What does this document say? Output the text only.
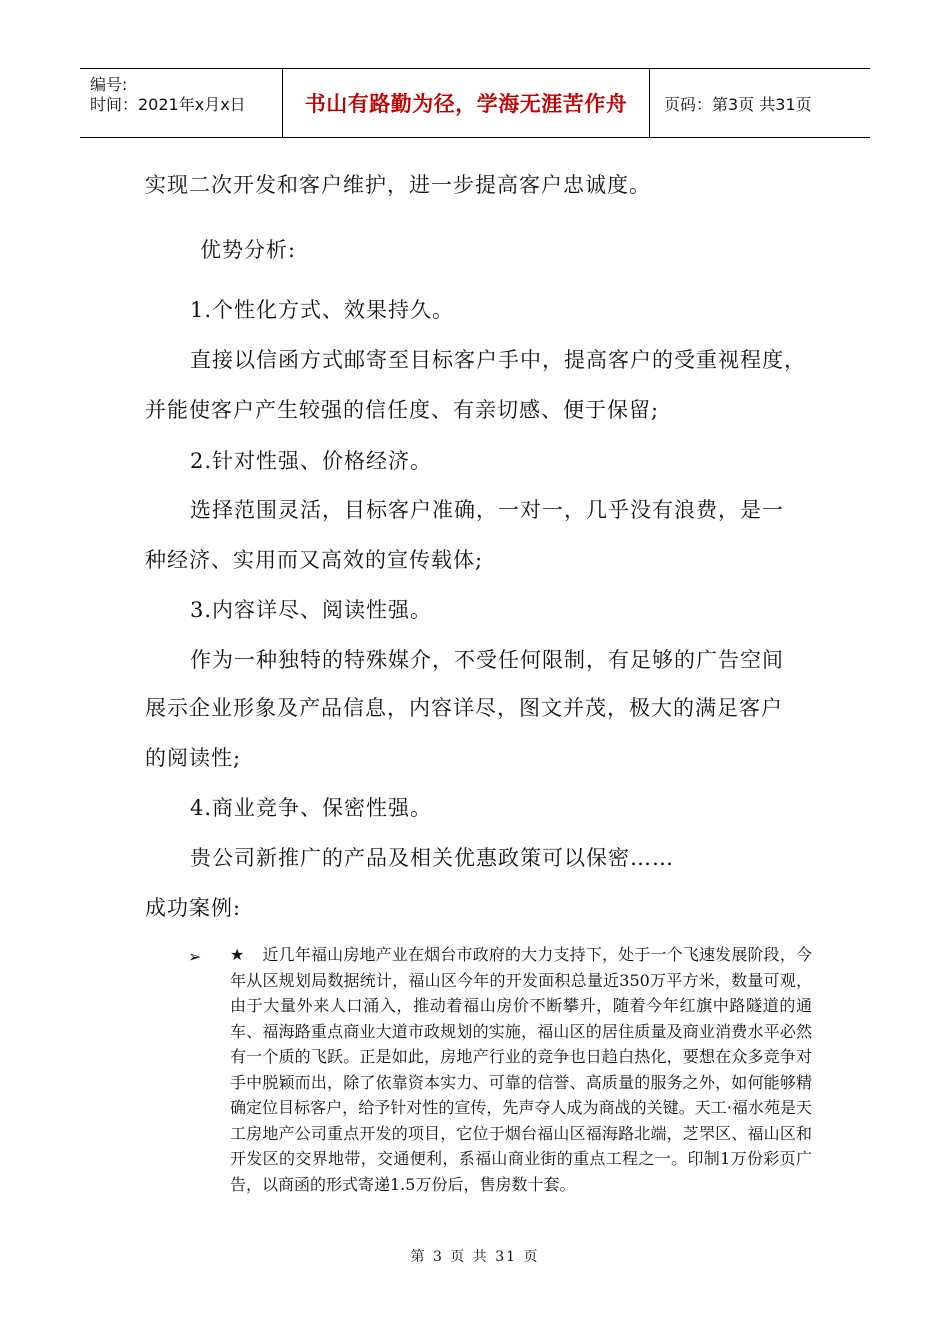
编号:
时间：2021年x月x日	书山有路勤为径，学海无涯苦作舟 页码：第3页 共31页
实现二次开发和客户维护，进一步提高客户忠诚度。
优势分析:
1.个性化方式、效果持久。
直接以信函方式邮寄至目标客户手中，提高客户的受重视程度，
并能使客户产生较强的信任度、有亲切感、便于保留;
2.针对性强、价格经济。
选择范围灵活，目标客户准确，一对一，几乎没有浪费，是一
种经济、实用而又高效的宣传载体;
3.内容详尽、阅读性强。
作为一种独特的特殊媒介，不受任何限制，有足够的广告空间
展示企业形象及产品信息，内容详尽，图文并茂，极大的满足客户
的阅读性;
4.商业竞争、保密性强。
贵公司新推广的产品及相关优惠政策可以保密……
成功案例:
➢ ★ 近几年福山房地产业在烟台市政府的大力支持下，处于一个飞速发展阶段，今年从区规划局数据统计，福山区今年的开发面积总量近350万平方米，数量可观，由于大量外来人口涌入，推动着福山房价不断攀升，随着今年红旗中路隧道的通车、福海路重点商业大道市政规划的实施，福山区的居住质量及商业消费水平必然有一个质的飞跃。正是如此，房地产行业的竞争也日趋白热化，要想在众多竞争对手中脱颖而出，除了依靠资本实力、可靠的信誉、高质量的服务之外，如何能够精确定位目标客户，给予针对性的宣传，先声夺人成为商战的关键。天工·福水苑是天工房地产公司重点开发的项目，它位于烟台福山区福海路北端，芝罘区、福山区和开发区的交界地带，交通便利，系福山商业街的重点工程之一。印制1万份彩页广告，以商函的形式寄递1.5万份后，售房数十套。
第 3 页 共 31 页
